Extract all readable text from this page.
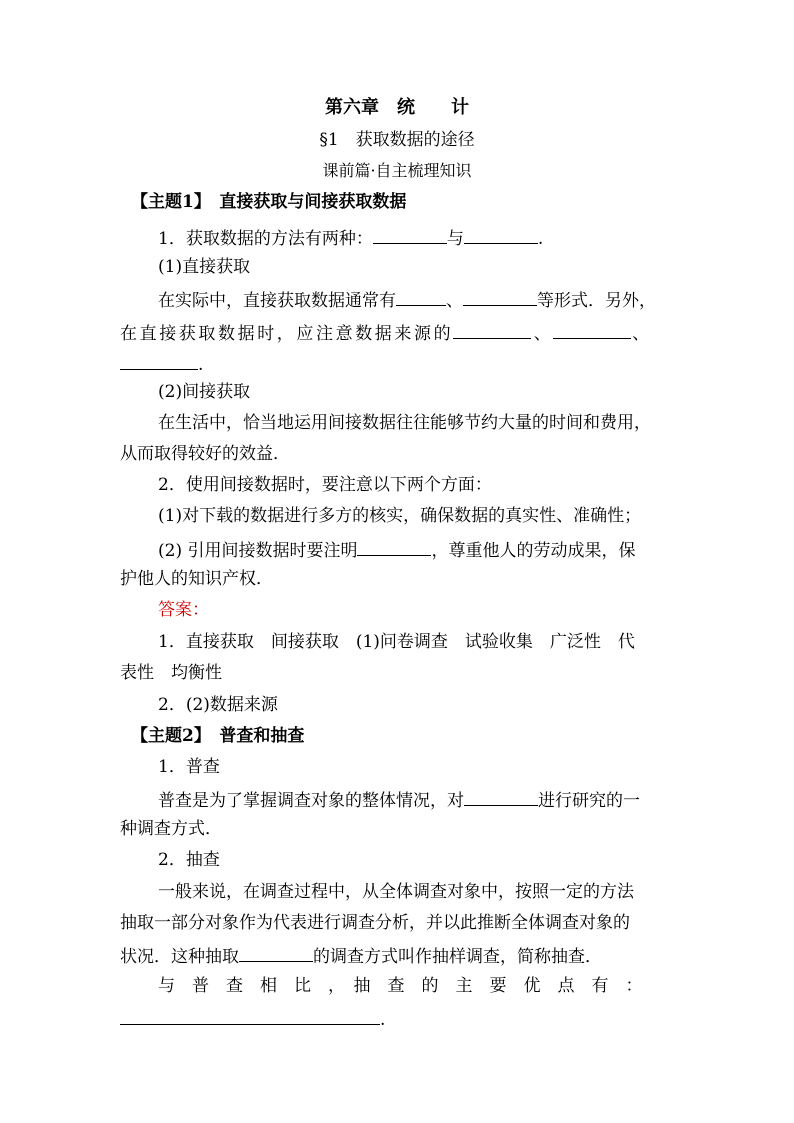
第六章　统　　计
§1　获取数据的途径
课前篇·自主梳理知识
【主题1】　直接获取与间接获取数据
1．获取数据的方法有两种：	与	.
(1)直接获取
在实际中，直接获取数据通常有	、	等形式．另外，
在直接获取数据时，应注意数据来源的	、	、
.
(2)间接获取
在生活中，恰当地运用间接数据往往能够节约大量的时间和费用，
从而取得较好的效益．
2．使用间接数据时，要注意以下两个方面：
(1)对下载的数据进行多方的核实，确保数据的真实性、准确性；
(2) 引用间接数据时要注明	，尊重他人的劳动成果，保
护他人的知识产权．
答案：
1．直接获取　间接获取　(1)问卷调查　试验收集　广泛性　代
表性　均衡性
2．(2)数据来源
【主题2】　普查和抽查
1．普查
普查是为了掌握调查对象的整体情况，对	进行研究的一
种调查方式．
2．抽查
一般来说，在调查过程中，从全体调查对象中，按照一定的方法
抽取一部分对象作为代表进行调查分析，并以此推断全体调查对象的
状况．这种抽取	的调查方式叫作抽样调查，简称抽查．
与　普　查　相　比　，　抽　查　的　主　要　优　点　有　：
.
